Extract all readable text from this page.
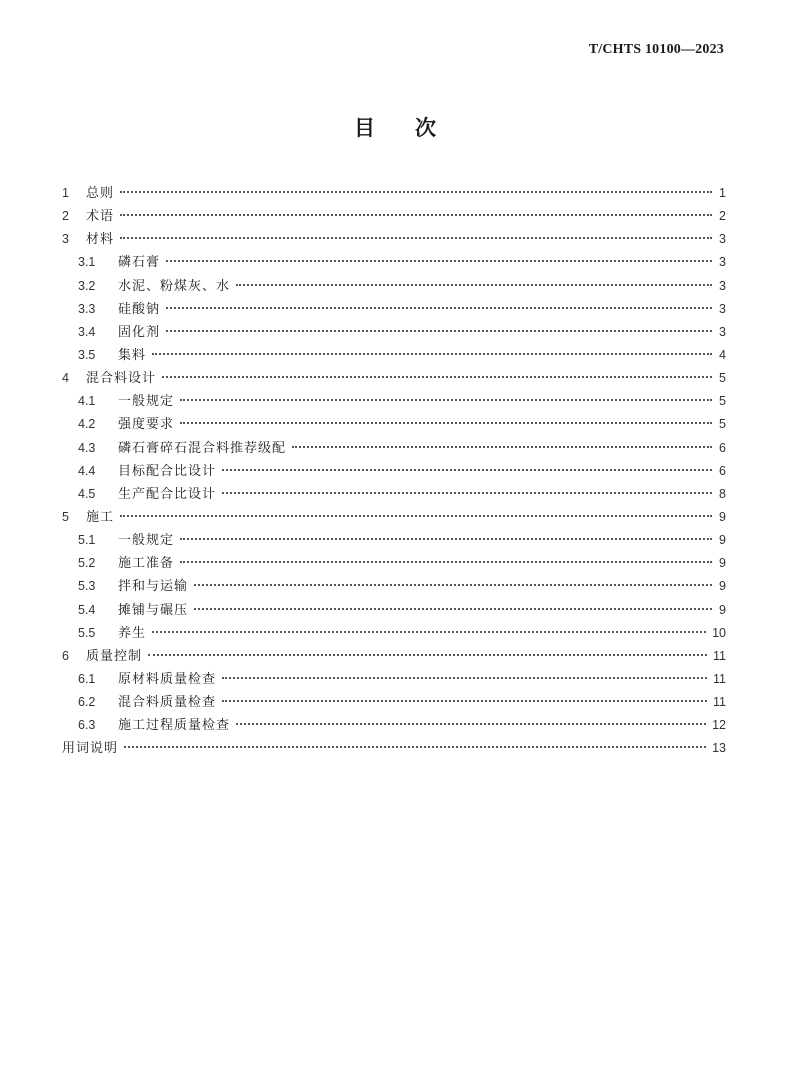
T/CHTS 10100—2023
目次
1	总则	1
2	术语	2
3	材料	3
3.1	磷石膏	3
3.2	水泥、粉煤灰、水	3
3.3	硅酸钠	3
3.4	固化剂	3
3.5	集料	4
4	混合料设计	5
4.1	一般规定	5
4.2	强度要求	5
4.3	磷石膏碎石混合料推荐级配	6
4.4	目标配合比设计	6
4.5	生产配合比设计	8
5	施工	9
5.1	一般规定	9
5.2	施工准备	9
5.3	拌和与运输	9
5.4	摊铺与碾压	9
5.5	养生	10
6	质量控制	11
6.1	原材料质量检查	11
6.2	混合料质量检查	11
6.3	施工过程质量检查	12
用词说明	13
